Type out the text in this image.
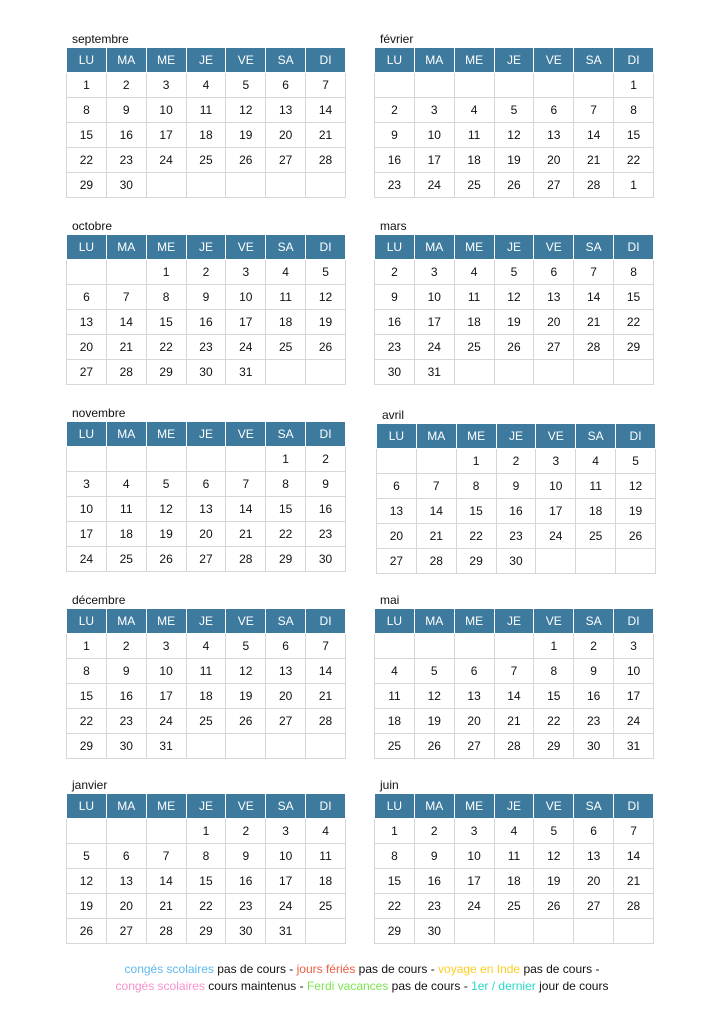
septembre
LU	MA	ME	JE	VE	SA	DI
1	2	3	4	5	6	7
8	9	10	11	12	13	14
15	16	17	18	19	20	21
22	23	24	25	26	27	28
29	30					
février
LU	MA	ME	JE	VE	SA	DI
						1
2	3	4	5	6	7	8
9	10	11	12	13	14	15
16	17	18	19	20	21	22
23	24	25	26	27	28	1
octobre
LU	MA	ME	JE	VE	SA	DI
		1	2	3	4	5
6	7	8	9	10	11	12
13	14	15	16	17	18	19
20	21	22	23	24	25	26
27	28	29	30	31		
mars
LU	MA	ME	JE	VE	SA	DI
2	3	4	5	6	7	8
9	10	11	12	13	14	15
16	17	18	19	20	21	22
23	24	25	26	27	28	29
30	31					
novembre
LU	MA	ME	JE	VE	SA	DI
					1	2
3	4	5	6	7	8	9
10	11	12	13	14	15	16
17	18	19	20	21	22	23
24	25	26	27	28	29	30
avril
LU	MA	ME	JE	VE	SA	DI
		1	2	3	4	5
6	7	8	9	10	11	12
13	14	15	16	17	18	19
20	21	22	23	24	25	26
27	28	29	30			
décembre
LU	MA	ME	JE	VE	SA	DI
1	2	3	4	5	6	7
8	9	10	11	12	13	14
15	16	17	18	19	20	21
22	23	24	25	26	27	28
29	30	31				
mai
LU	MA	ME	JE	VE	SA	DI
				1	2	3
4	5	6	7	8	9	10
11	12	13	14	15	16	17
18	19	20	21	22	23	24
25	26	27	28	29	30	31
janvier
LU	MA	ME	JE	VE	SA	DI
			1	2	3	4
5	6	7	8	9	10	11
12	13	14	15	16	17	18
19	20	21	22	23	24	25
26	27	28	29	30	31	
juin
LU	MA	ME	JE	VE	SA	DI
1	2	3	4	5	6	7
8	9	10	11	12	13	14
15	16	17	18	19	20	21
22	23	24	25	26	27	28
29	30					
congés scolaires pas de cours - jours fériés pas de cours - voyage en Inde pas de cours -
congés scolaires cours maintenus - Ferdi vacances pas de cours - 1er / dernier jour de cours
